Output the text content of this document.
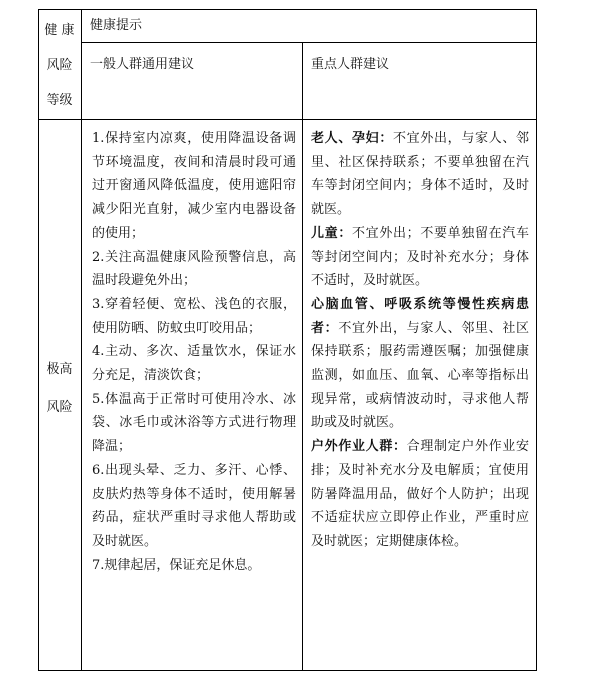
健 康
风险
等级
健康提示
一般人群通用建议	重点人群建议
极高
风险

1.保持室内凉爽，使用降温设备调节环境温度，夜间和清晨时段可通过开窗通风降低温度，使用遮阳帘减少阳光直射，减少室内电器设备的使用；

2.关注高温健康风险预警信息，高温时段避免外出；

3.穿着轻便、宽松、浅色的衣服，使用防晒、防蚊虫叮咬用品；

4.主动、多次、适量饮水，保证水分充足，清淡饮食；

5.体温高于正常时可使用冷水、冰袋、冰毛巾或沐浴等方式进行物理降温；

6.出现头晕、乏力、多汗、心悸、皮肤灼热等身体不适时，使用解暑药品，症状严重时寻求他人帮助或及时就医。

7.规律起居，保证充足休息。

老人、孕妇：不宜外出，与家人、邻里、社区保持联系；不要单独留在汽车等封闭空间内；身体不适时，及时就医。

儿童：不宜外出；不要单独留在汽车等封闭空间内；及时补充水分；身体不适时，及时就医。

心脑血管、呼吸系统等慢性疾病患者：不宜外出，与家人、邻里、社区保持联系；服药需遵医嘱；加强健康监测，如血压、血氧、心率等指标出现异常，或病情波动时，寻求他人帮助或及时就医。

户外作业人群：合理制定户外作业安排；及时补充水分及电解质；宜使用防暑降温用品，做好个人防护；出现不适症状应立即停止作业，严重时应及时就医；定期健康体检。
